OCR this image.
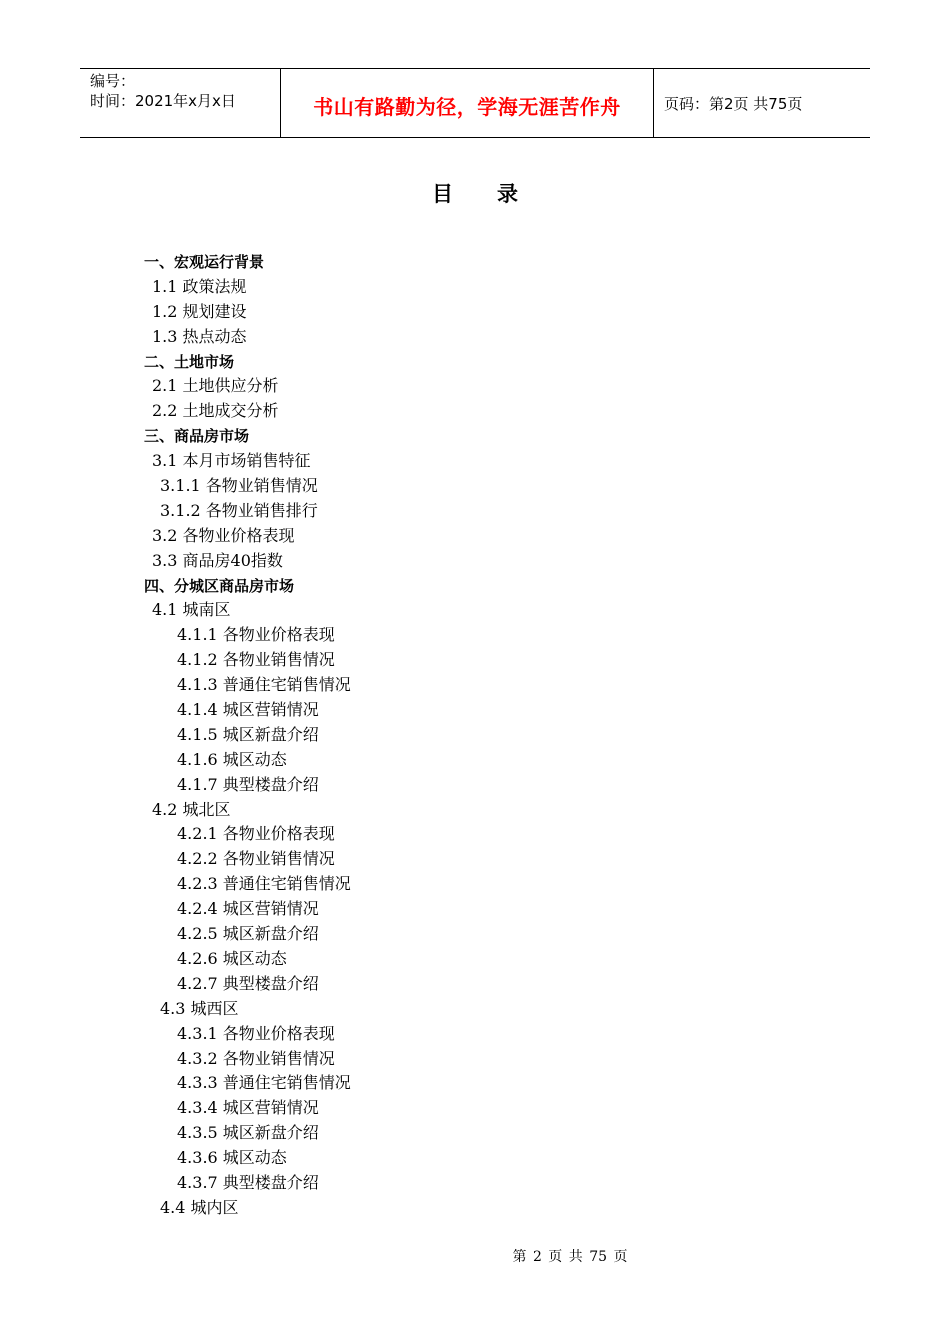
编号：
时间：2021年x月x日	书山有路勤为径，学海无涯苦作舟	页码：第2页 共75页
目录
一、宏观运行背景
1.1 政策法规
1.2 规划建设
1.3 热点动态
二、土地市场
2.1 土地供应分析
2.2 土地成交分析
三、商品房市场
3.1 本月市场销售特征
3.1.1 各物业销售情况
3.1.2 各物业销售排行
3.2 各物业价格表现
3.3 商品房40指数
四、分城区商品房市场
4.1 城南区
4.1.1 各物业价格表现
4.1.2 各物业销售情况
4.1.3 普通住宅销售情况
4.1.4 城区营销情况
4.1.5 城区新盘介绍
4.1.6 城区动态
4.1.7 典型楼盘介绍
4.2 城北区
4.2.1 各物业价格表现
4.2.2 各物业销售情况
4.2.3 普通住宅销售情况
4.2.4 城区营销情况
4.2.5 城区新盘介绍
4.2.6 城区动态
4.2.7 典型楼盘介绍
4.3 城西区
4.3.1 各物业价格表现
4.3.2 各物业销售情况
4.3.3 普通住宅销售情况
4.3.4 城区营销情况
4.3.5 城区新盘介绍
4.3.6 城区动态
4.3.7 典型楼盘介绍
4.4 城内区
第 2 页 共 75 页
